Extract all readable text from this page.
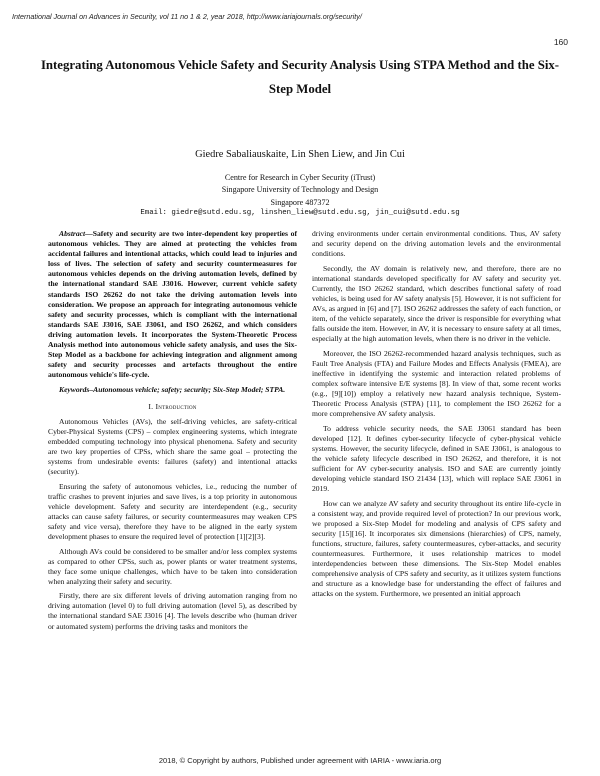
International Journal on Advances in Security, vol 11 no 1 & 2, year 2018, http://www.iariajournals.org/security/
160
Integrating Autonomous Vehicle Safety and Security Analysis Using STPA Method and the Six-Step Model
Giedre Sabaliauskaite, Lin Shen Liew, and Jin Cui
Centre for Research in Cyber Security (iTrust)
Singapore University of Technology and Design
Singapore 487372
Email: giedre@sutd.edu.sg, linshen_liew@sutd.edu.sg, jin_cui@sutd.edu.sg

Abstract—Safety and security are two inter-dependent key properties of autonomous vehicles. They are aimed at protecting the vehicles from accidental failures and intentional attacks, which could lead to injuries and loss of lives. The selection of safety and security countermeasures for autonomous vehicles depends on the driving automation levels, defined by the international standard SAE J3016. However, current vehicle safety standards ISO 26262 do not take the driving automation levels into consideration. We propose an approach for integrating autonomous vehicle safety and security processes, which is compliant with the international standards SAE J3016, SAE J3061, and ISO 26262, and which considers driving automation levels. It incorporates the System-Theoretic Process Analysis method into autonomous vehicle safety analysis, and uses the Six-Step Model as a backbone for achieving integration and alignment among safety and security processes and artefacts throughout the entire autonomous vehicle's life-cycle.

Keywords–Autonomous vehicle; safety; security; Six-Step Model; STPA.

I. Introduction

Autonomous Vehicles (AVs), the self-driving vehicles, are safety-critical Cyber-Physical Systems (CPS) – complex engineering systems, which integrate embedded computing technology into physical phenomena. Safety and security are two key properties of CPSs, which share the same goal – protecting the systems from undesirable events: failures (safety) and intentional attacks (security).

Ensuring the safety of autonomous vehicles, i.e., reducing the number of traffic crashes to prevent injuries and save lives, is a top priority in autonomous vehicle development. Safety and security are interdependent (e.g., security attacks can cause safety failures, or security countermeasures may weaken CPS safety and vice versa), therefore they have to be aligned in the early system development phases to ensure the required level of protection [1][2][3].

Although AVs could be considered to be smaller and/or less complex systems as compared to other CPSs, such as, power plants or water treatment systems, they face some unique challenges, which have to be taken into consideration when analyzing their safety and security.

Firstly, there are six different levels of driving automation ranging from no driving automation (level 0) to full driving automation (level 5), as described by the international standard SAE J3016 [4]. The levels describe who (human driver or automated system) performs the driving tasks and monitors the

driving environments under certain environmental conditions. Thus, AV safety and security depend on the driving automation levels and the environmental conditions.

Secondly, the AV domain is relatively new, and therefore, there are no international standards developed specifically for AV safety and security yet. Currently, the ISO 26262 standard, which describes functional safety of road vehicles, is being used for AV safety analysis [5]. However, it is not sufficient for AVs, as argued in [6] and [7]. ISO 26262 addresses the safety of each function, or item, of the vehicle separately, since the driver is responsible for everything what falls outside the item. However, in AV, it is necessary to ensure safety at all times, especially at the high automation levels, when there is no driver in the vehicle.

Moreover, the ISO 26262-recommended hazard analysis techniques, such as Fault Tree Analysis (FTA) and Failure Modes and Effects Analysis (FMEA), are ineffective in identifying the systemic and interaction related problems of complex software intensive E/E systems [8]. In view of that, some recent works (e.g., [9][10]) employ a relatively new hazard analysis technique, System-Theoretic Process Analysis (STPA) [11], to complement the ISO 26262 for a more comprehensive AV safety analysis.

To address vehicle security needs, the SAE J3061 standard has been developed [12]. It defines cyber-security lifecycle of cyber-physical vehicle systems. However, the security lifecycle, defined in SAE J3061, is analogous to the vehicle safety lifecycle described in ISO 26262, and therefore, it is not sufficient for AV cyber-security analysis. ISO and SAE are currently jointly developing vehicle standard ISO 21434 [13], which will replace SAE J3061 in 2019.

How can we analyze AV safety and security throughout its entire life-cycle in a consistent way, and provide required level of protection? In our previous work, we proposed a Six-Step Model for modeling and analysis of CPS safety and security [15][16]. It incorporates six dimensions (hierarchies) of CPS, namely, functions, structure, failures, safety countermeasures, cyber-attacks, and security countermeasures. Furthermore, it uses relationship matrices to model interdependencies between these dimensions. The Six-Step Model enables comprehensive analysis of CPS safety and security, as it utilizes system functions and structure as a knowledge base for understanding the effect of failures and attacks on the system. Furthermore, we presented an initial approach

2018, © Copyright by authors, Published under agreement with IARIA - www.iaria.org
